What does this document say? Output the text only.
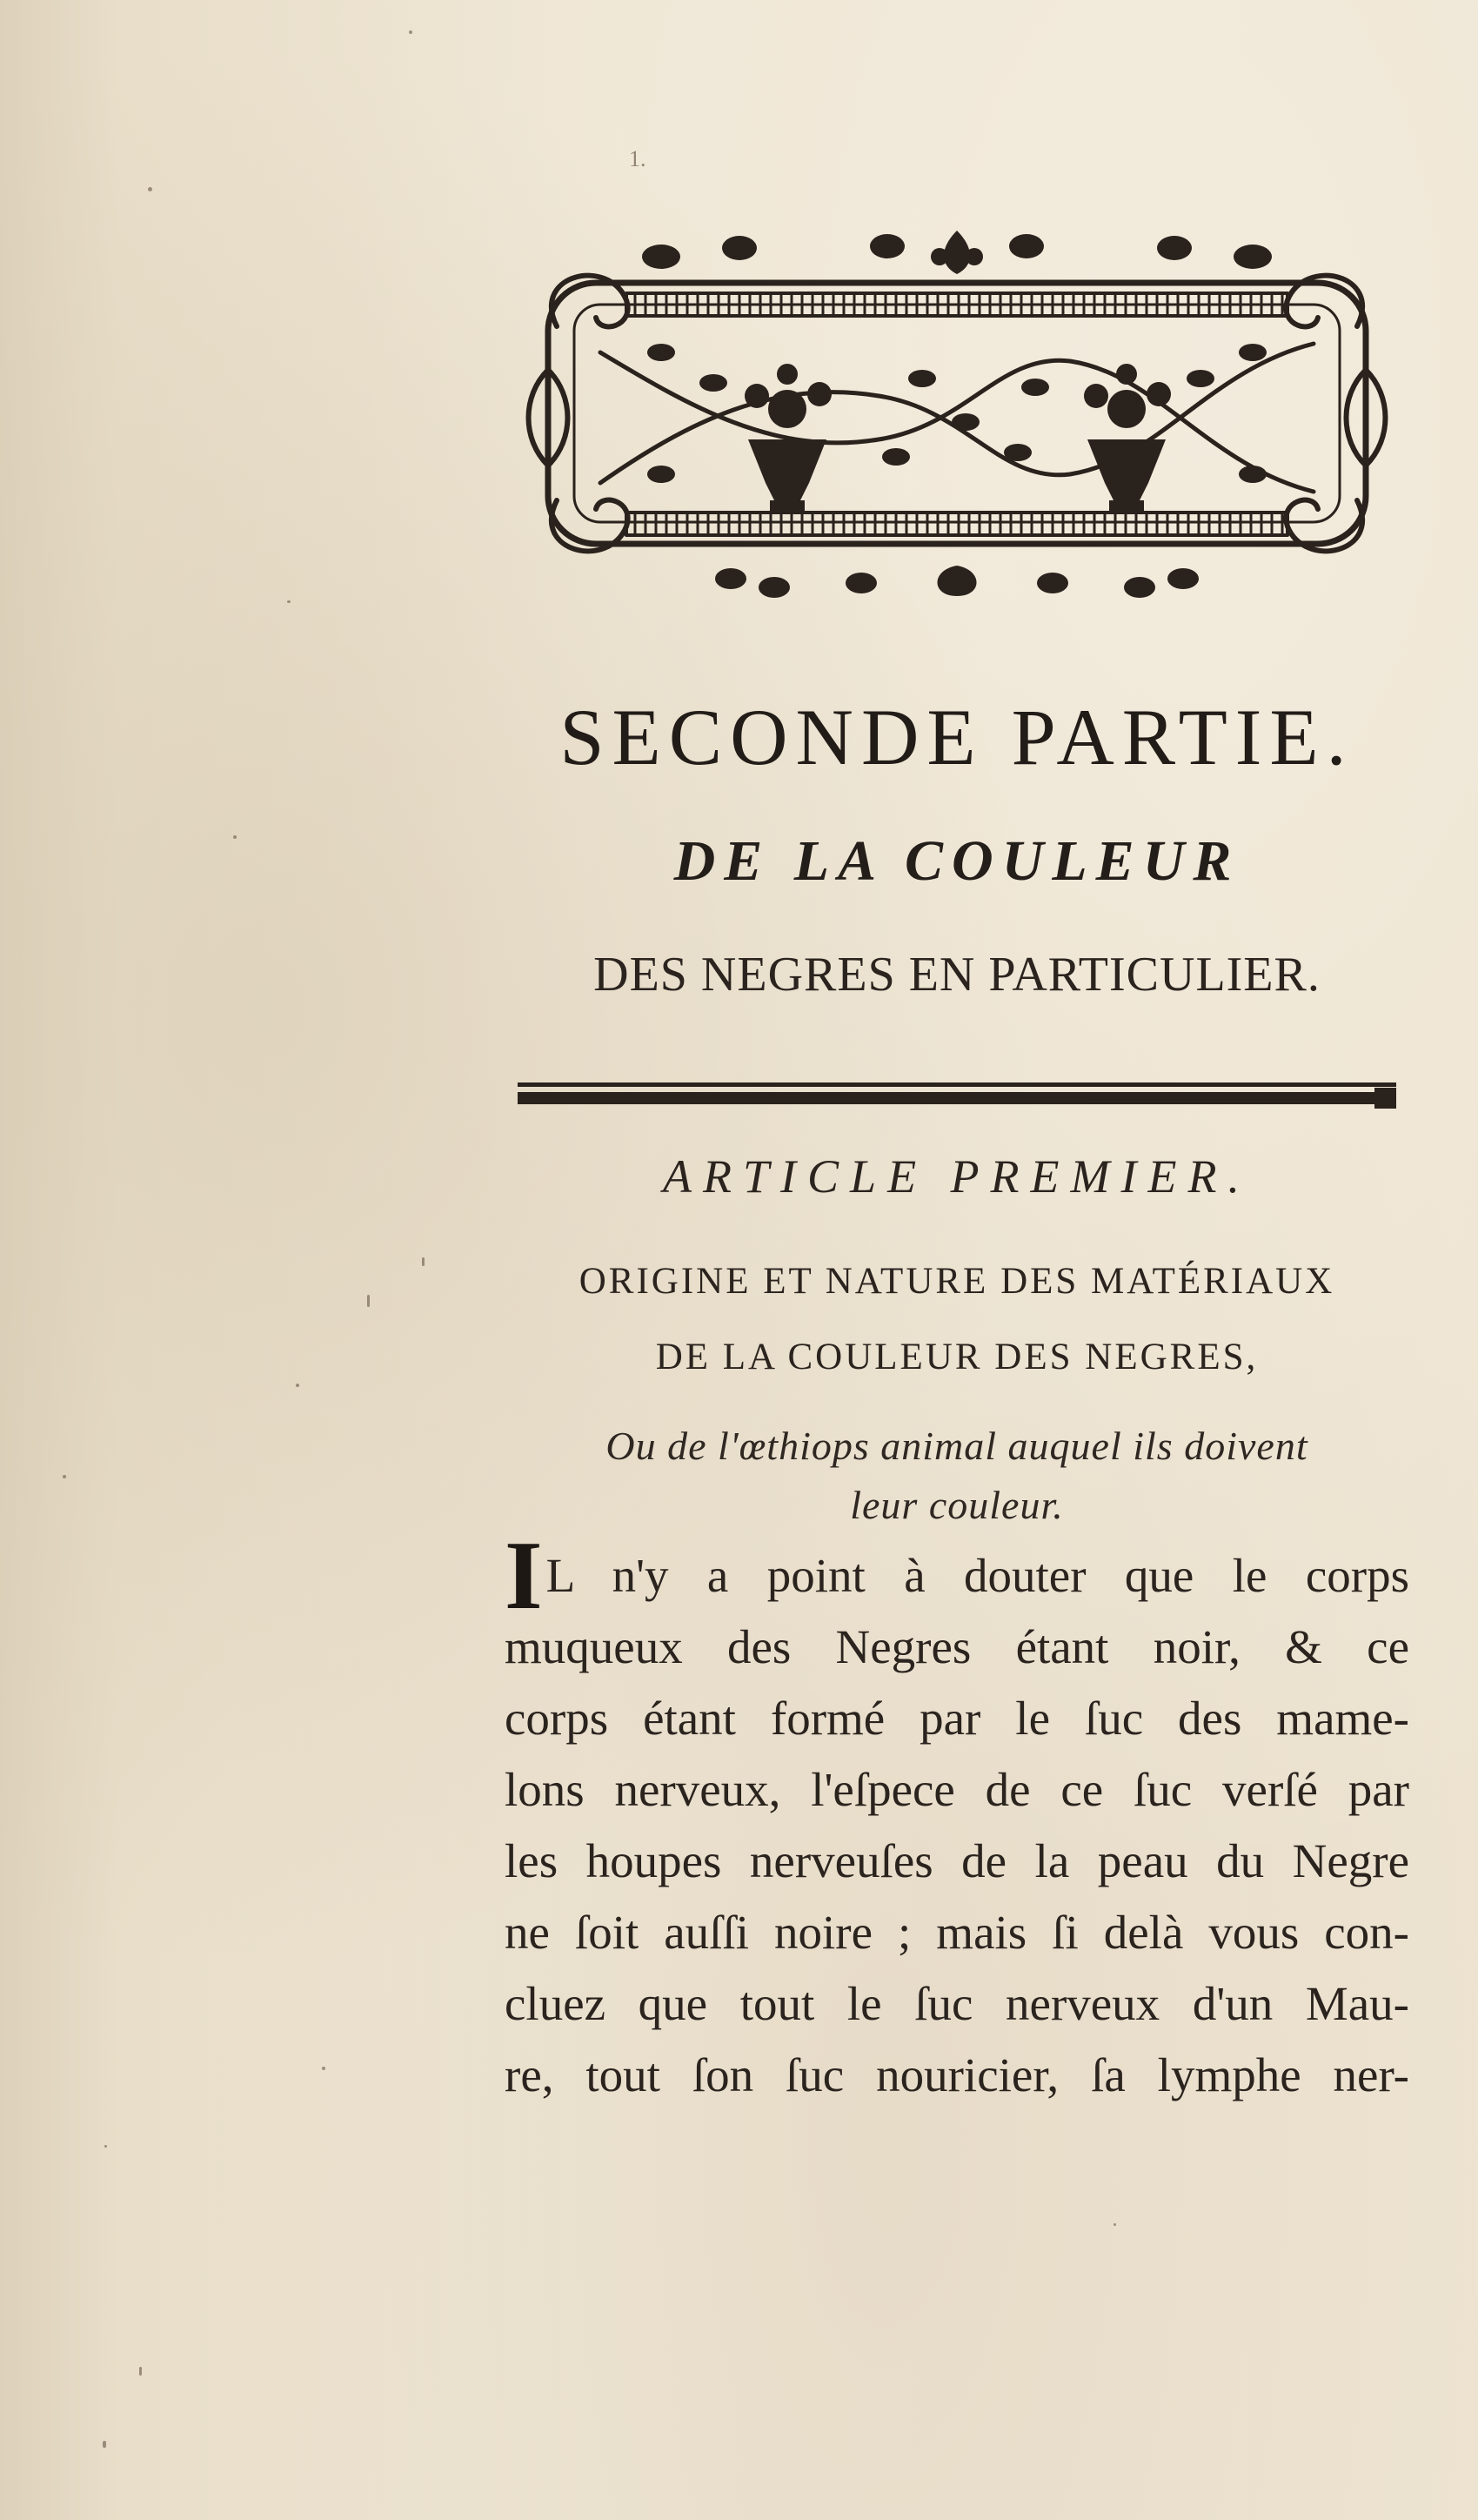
1.
SECONDE PARTIE.
DE LA COULEUR
DES NEGRES EN PARTICULIER.
ARTICLE PREMIER.
ORIGINE ET NATURE DES MATÉRIAUX
DE LA COULEUR DES NEGRES,
Ou de l'œthiops animal auquel ils doivent
leur couleur.
IL n'y a point à douter que le corps
muqueux des Negres étant noir, & ce
corps étant formé par le ſuc des mame-
lons nerveux, l'eſpece de ce ſuc verſé par
les houpes nerveuſes de la peau du Negre
ne ſoit auſſi noire ; mais ſi delà vous con-
cluez que tout le ſuc nerveux d'un Mau-
re, tout ſon ſuc nouricier, ſa lymphe ner-
